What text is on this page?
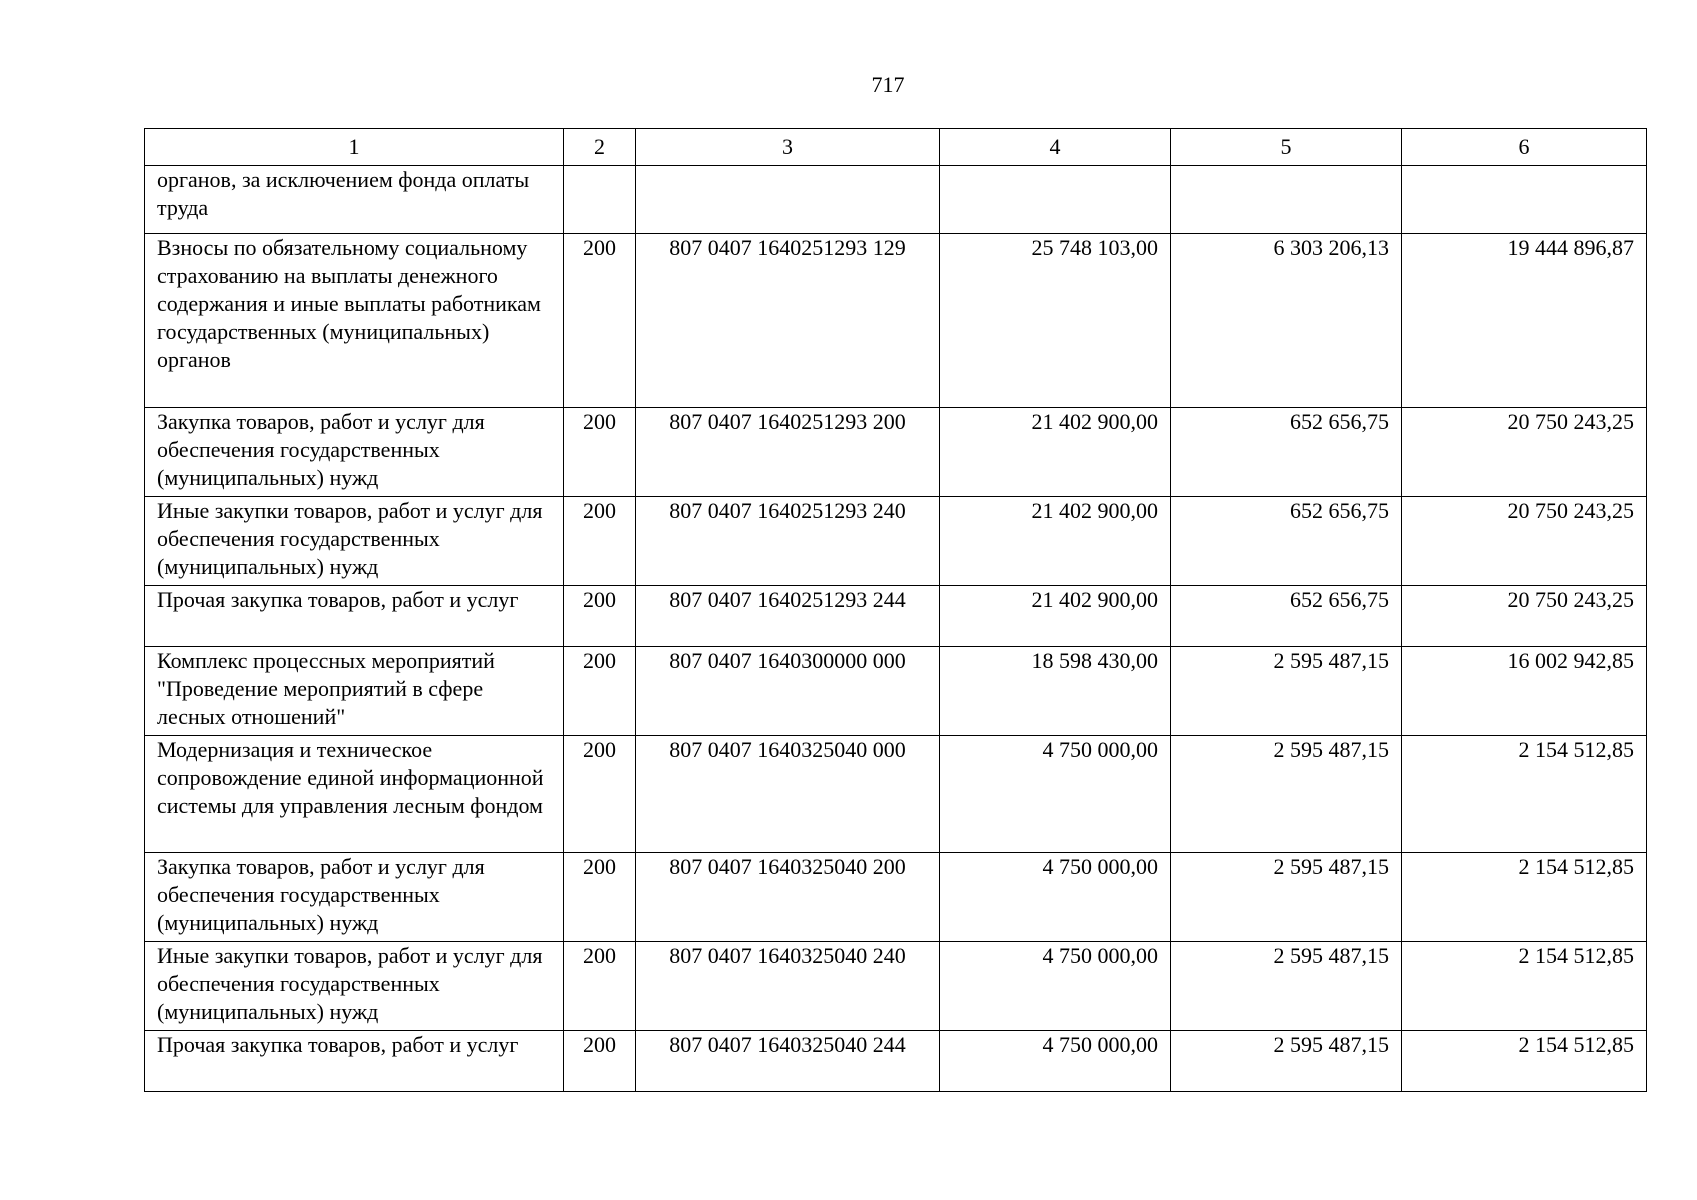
717
1	2	3	4	5	6
органов, за исключением фонда оплаты труда					
Взносы по обязательному социальному страхованию на выплаты денежного содержания и иные выплаты работникам государственных (муниципальных) органов	200	807 0407 1640251293 129	25 748 103,00	6 303 206,13	19 444 896,87
Закупка товаров, работ и услуг для обеспечения государственных (муниципальных) нужд	200	807 0407 1640251293 200	21 402 900,00	652 656,75	20 750 243,25
Иные закупки товаров, работ и услуг для обеспечения государственных (муниципальных) нужд	200	807 0407 1640251293 240	21 402 900,00	652 656,75	20 750 243,25
Прочая закупка товаров, работ и услуг	200	807 0407 1640251293 244	21 402 900,00	652 656,75	20 750 243,25
Комплекс процессных мероприятий "Проведение мероприятий в сфере лесных отношений"	200	807 0407 1640300000 000	18 598 430,00	2 595 487,15	16 002 942,85
Модернизация и техническое сопровождение единой информационной системы для управления лесным фондом	200	807 0407 1640325040 000	4 750 000,00	2 595 487,15	2 154 512,85
Закупка товаров, работ и услуг для обеспечения государственных (муниципальных) нужд	200	807 0407 1640325040 200	4 750 000,00	2 595 487,15	2 154 512,85
Иные закупки товаров, работ и услуг для обеспечения государственных (муниципальных) нужд	200	807 0407 1640325040 240	4 750 000,00	2 595 487,15	2 154 512,85
Прочая закупка товаров, работ и услуг	200	807 0407 1640325040 244	4 750 000,00	2 595 487,15	2 154 512,85
